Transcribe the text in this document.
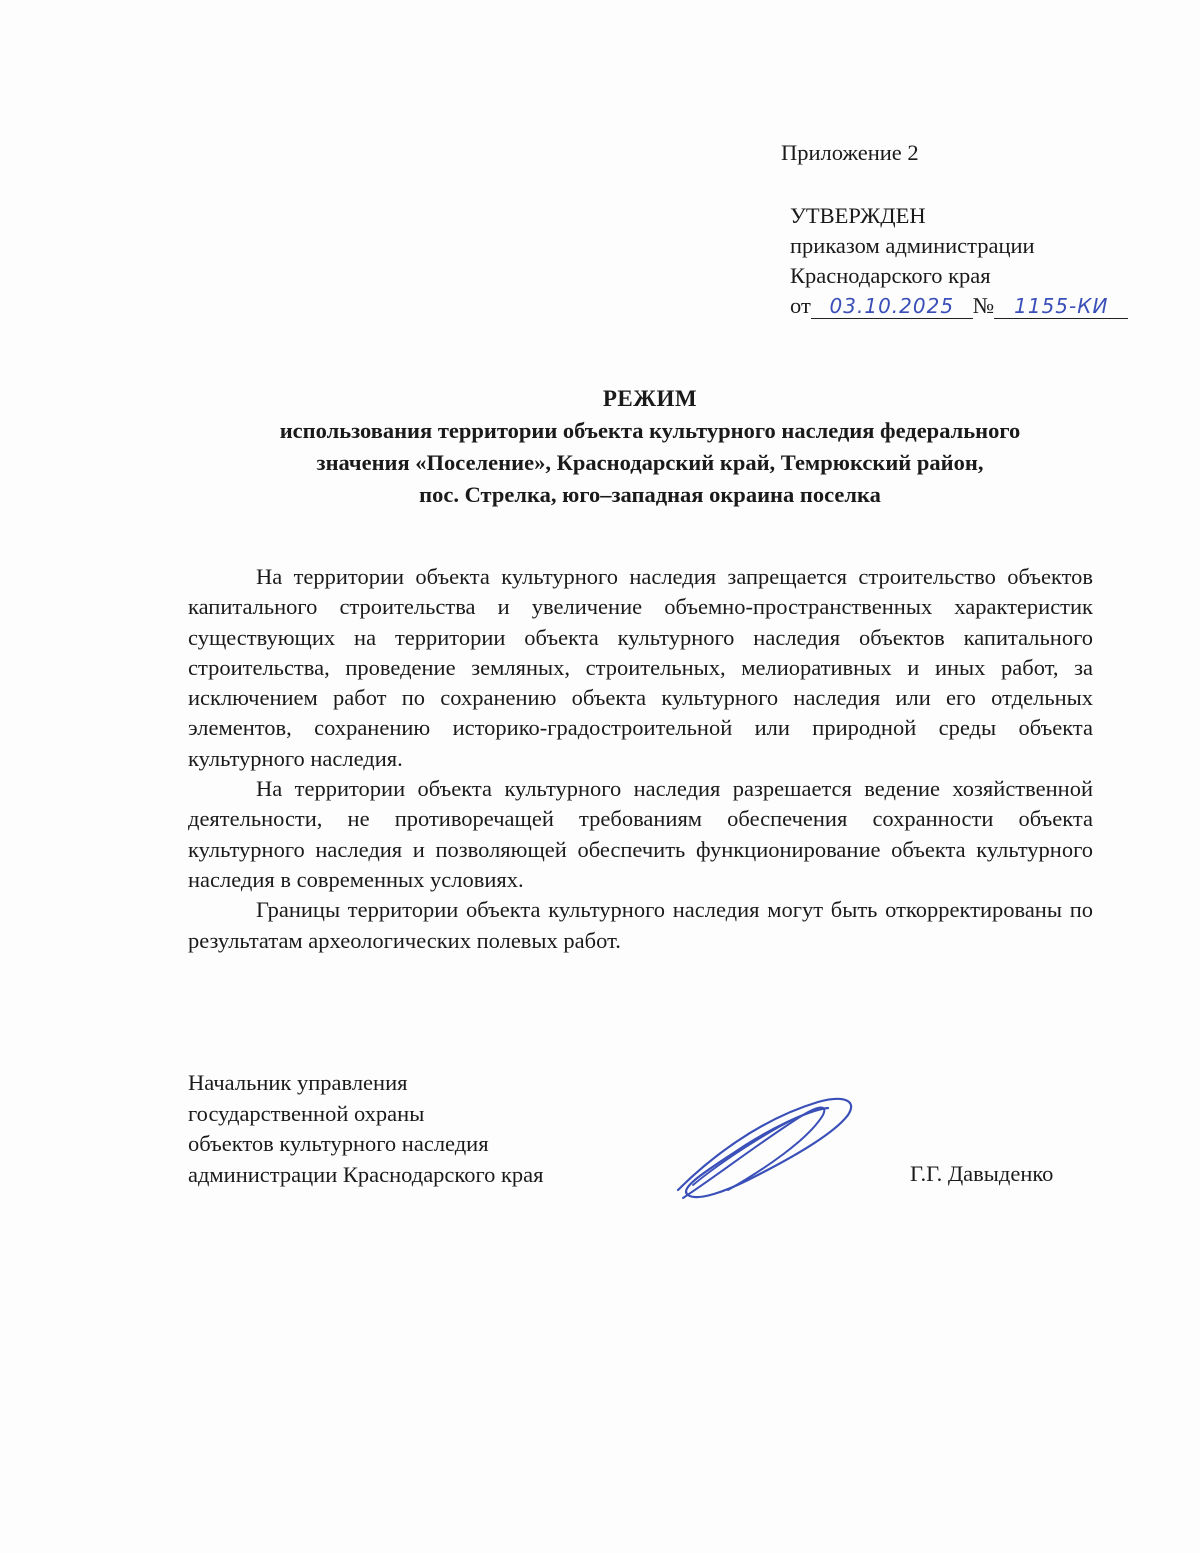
Приложение 2
УТВЕРЖДЕН
приказом администрации
Краснодарского края
от 03.10.2025 № 1155-КИ
РЕЖИМ
использования территории объекта культурного наследия федерального
значения «Поселение», Краснодарский край, Темрюкский район,
пос. Стрелка, юго–западная окраина поселка

На территории объекта культурного наследия запрещается строительство объектов капитального строительства и увеличение объемно-пространственных характеристик существующих на территории объекта культурного наследия объектов капитального строительства, проведение земляных, строительных, мелиоративных и иных работ, за исключением работ по сохранению объекта культурного наследия или его отдельных элементов, сохранению историко-градостроительной или природной среды объекта культурного наследия.

На территории объекта культурного наследия разрешается ведение хозяйственной деятельности, не противоречащей требованиям обеспечения сохранности объекта культурного наследия и позволяющей обеспечить функционирование объекта культурного наследия в современных условиях.

Границы территории объекта культурного наследия могут быть откорректированы по результатам археологических полевых работ.

Начальник управления
государственной охраны
объектов культурного наследия
администрации Краснодарского края	Г.Г. Давыденко
